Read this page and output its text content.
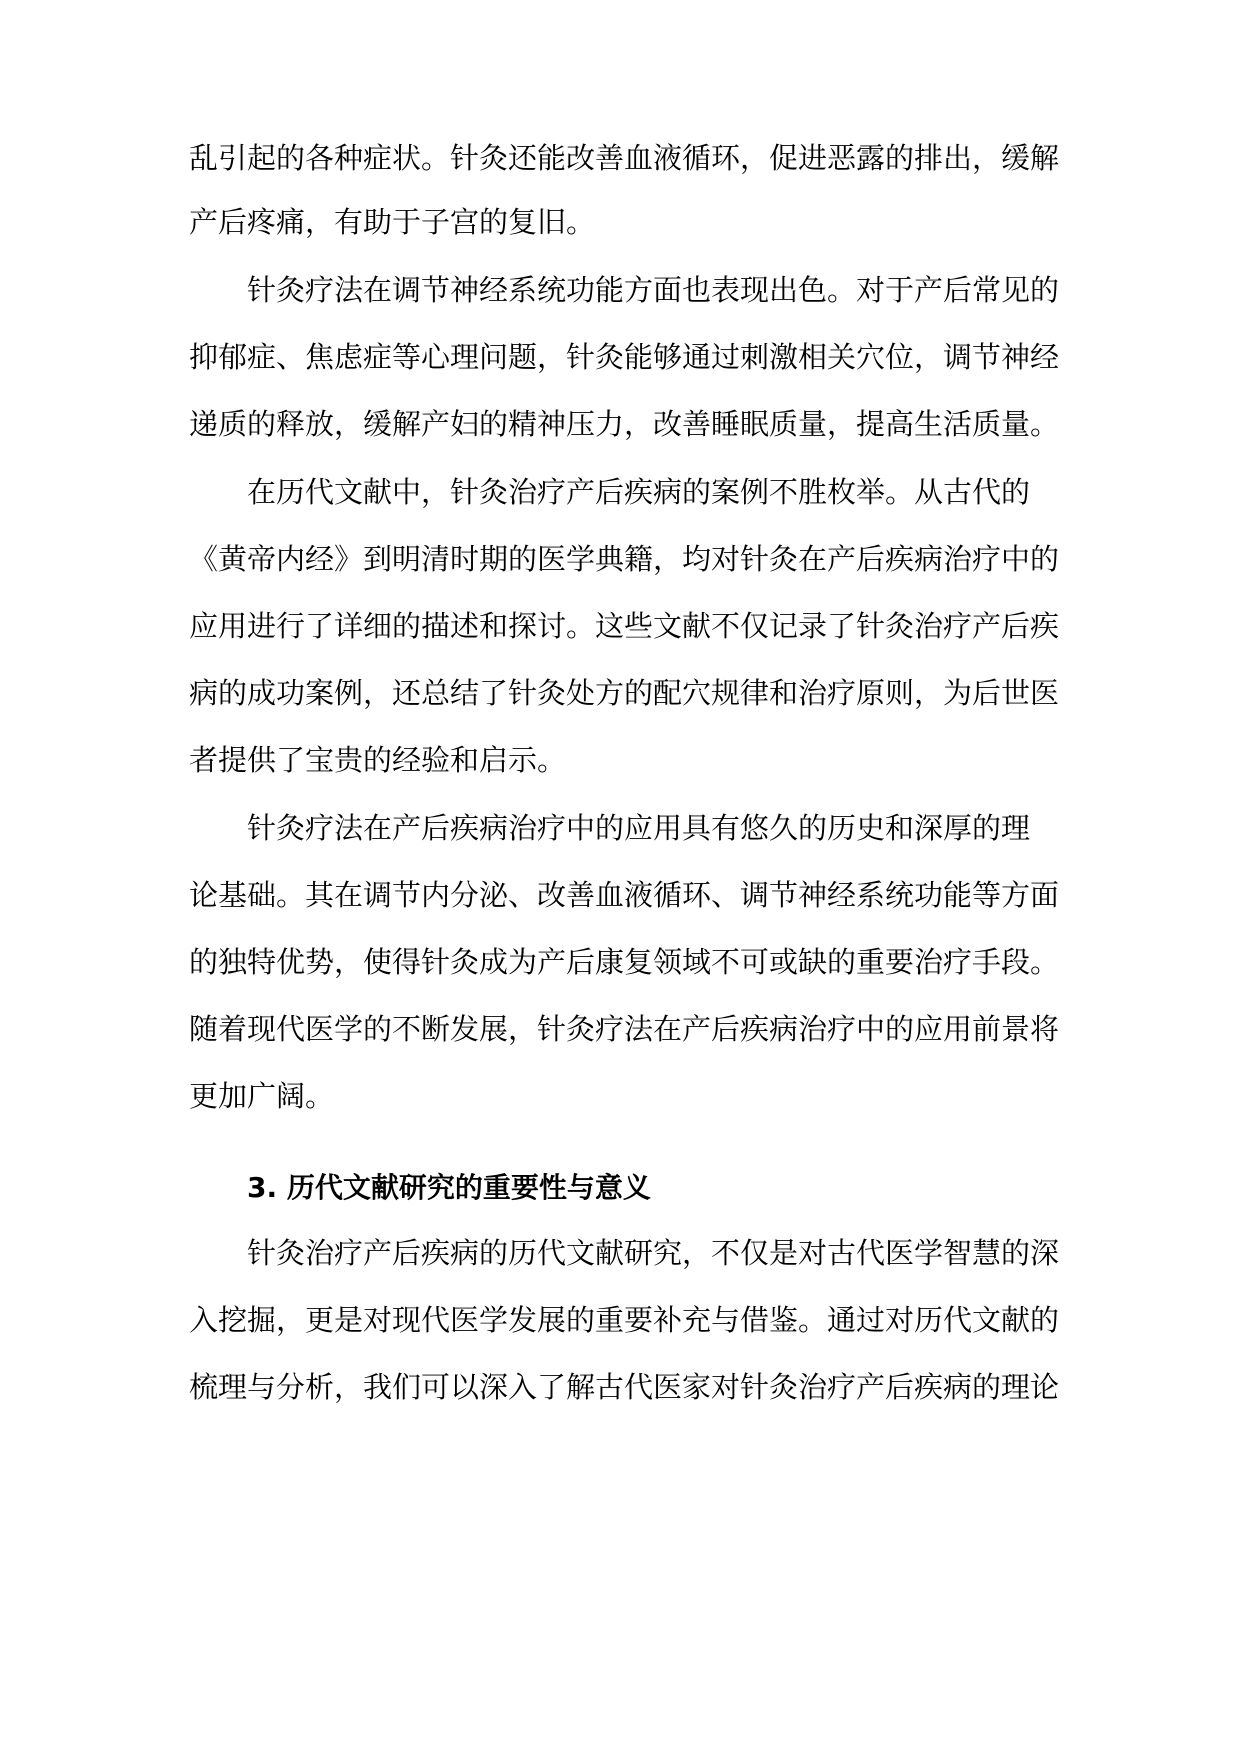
乱引起的各种症状。针灸还能改善血液循环，促进恶露的排出，缓解
产后疼痛，有助于子宫的复旧。
　　针灸疗法在调节神经系统功能方面也表现出色。对于产后常见的
抑郁症、焦虑症等心理问题，针灸能够通过刺激相关穴位，调节神经
递质的释放，缓解产妇的精神压力，改善睡眠质量，提高生活质量。
　　在历代文献中，针灸治疗产后疾病的案例不胜枚举。从古代的
《黄帝内经》到明清时期的医学典籍，均对针灸在产后疾病治疗中的
应用进行了详细的描述和探讨。这些文献不仅记录了针灸治疗产后疾
病的成功案例，还总结了针灸处方的配穴规律和治疗原则，为后世医
者提供了宝贵的经验和启示。
　　针灸疗法在产后疾病治疗中的应用具有悠久的历史和深厚的理
论基础。其在调节内分泌、改善血液循环、调节神经系统功能等方面
的独特优势，使得针灸成为产后康复领域不可或缺的重要治疗手段。
随着现代医学的不断发展，针灸疗法在产后疾病治疗中的应用前景将
更加广阔。
3. 历代文献研究的重要性与意义
　　针灸治疗产后疾病的历代文献研究，不仅是对古代医学智慧的深
入挖掘，更是对现代医学发展的重要补充与借鉴。通过对历代文献的
梳理与分析，我们可以深入了解古代医家对针灸治疗产后疾病的理论
